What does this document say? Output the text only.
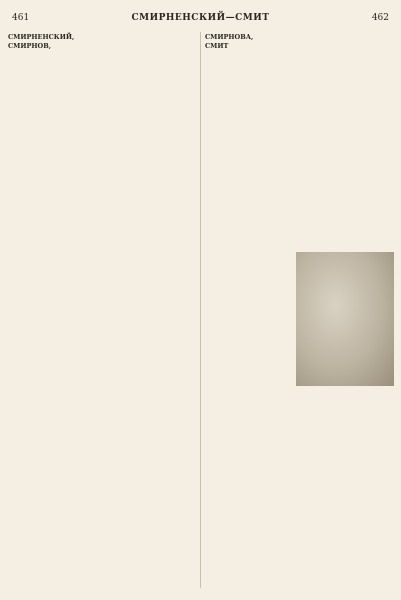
461	СМИРНЕНСКИЙ—СМИТ	462
СМИРНЕНСКИЙ,
СМИРНОВ,
СМИРНОВА,
СМИТ
